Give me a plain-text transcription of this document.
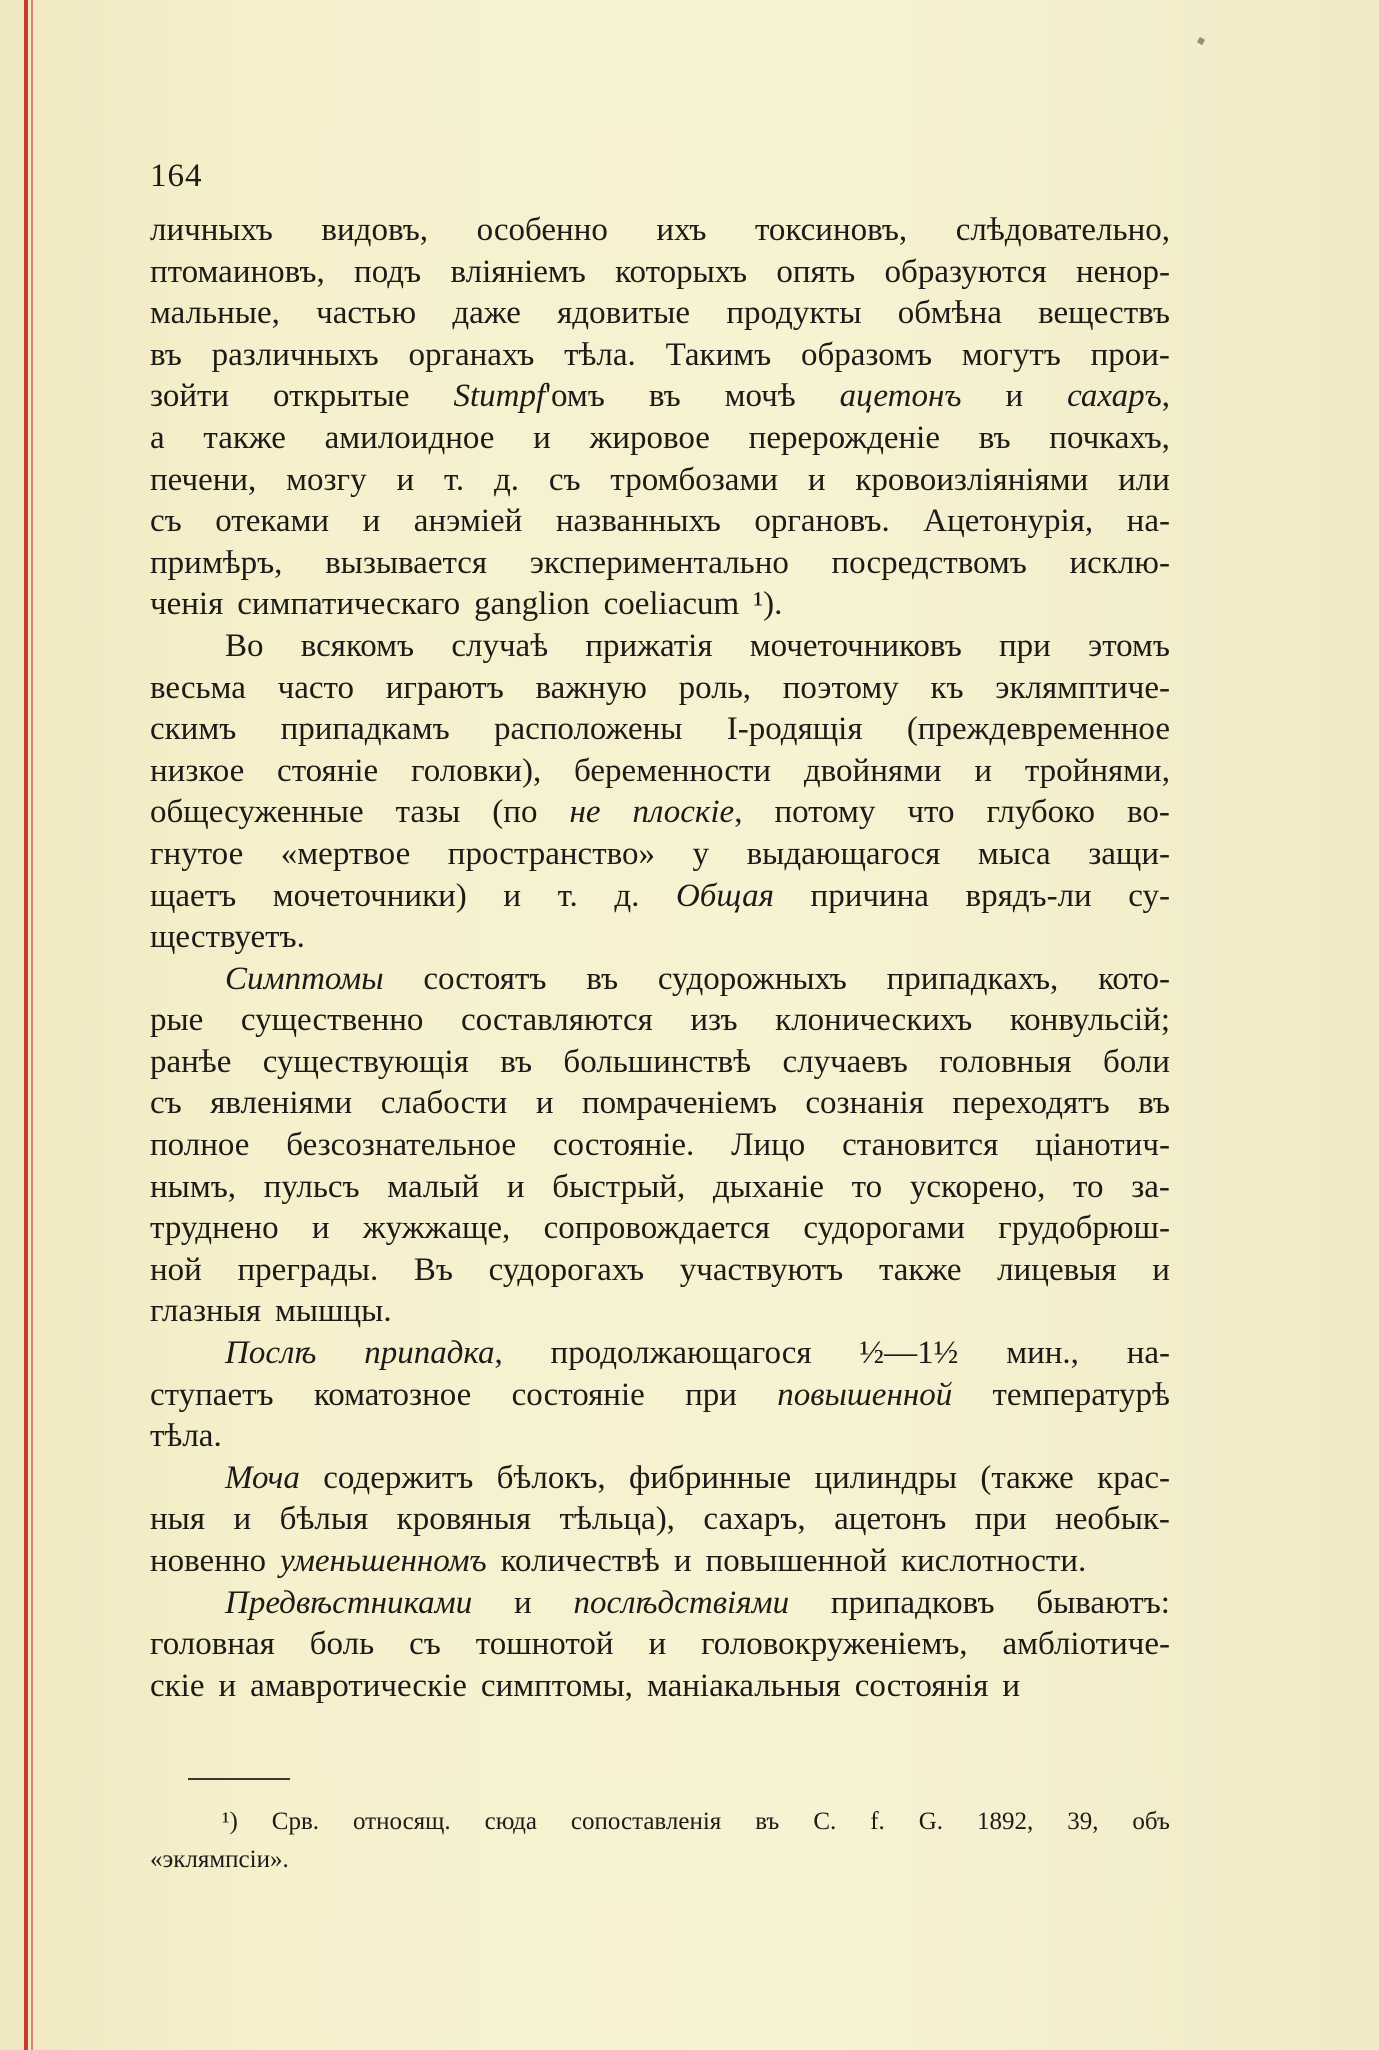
164
личныхъ видовъ, особенно ихъ токсиновъ, слѣдовательно,
птомаиновъ, подъ вліяніемъ которыхъ опять образуются ненор-
мальные, частью даже ядовитые продукты обмѣна веществъ
въ различныхъ органахъ тѣла. Такимъ образомъ могутъ прои-
зойти открытые Stumpf'омъ въ мочѣ ацетонъ и сахаръ,
а также амилоидное и жировое перерожденіе въ почкахъ,
печени, мозгу и т. д. съ тромбозами и кровоизліяніями или
съ отеками и анэміей названныхъ органовъ. Ацетонурія, на-
примѣръ, вызывается экспериментально посредствомъ исклю-
ченія симпатическаго ganglion coeliacum ¹).
Во всякомъ случаѣ прижатія мочеточниковъ при этомъ
весьма часто играютъ важную роль, поэтому къ эклямптиче-
скимъ припадкамъ расположены I-родящія (преждевременное
низкое стояніе головки), беременности двойнями и тройнями,
общесуженные тазы (по не плоскіе, потому что глубоко во-
гнутое «мертвое пространство» у выдающагося мыса защи-
щаетъ мочеточники) и т. д. Общая причина врядъ-ли су-
ществуетъ.
Симптомы состоятъ въ судорожныхъ припадкахъ, кото-
рые существенно составляются изъ клоническихъ конвульсій;
ранѣе существующія въ большинствѣ случаевъ головныя боли
съ явленіями слабости и помраченіемъ сознанія переходятъ въ
полное безсознательное состояніе. Лицо становится ціанотич-
нымъ, пульсъ малый и быстрый, дыханіе то ускорено, то за-
труднено и жужжаще, сопровождается судорогами грудобрюш-
ной преграды. Въ судорогахъ участвуютъ также лицевыя и
глазныя мышцы.
Послѣ припадка, продолжающагося ½—1½ мин., на-
ступаетъ коматозное состояніе при повышенной температурѣ
тѣла.
Моча содержитъ бѣлокъ, фибринные цилиндры (также крас-
ныя и бѣлыя кровяныя тѣльца), сахаръ, ацетонъ при необык-
новенно уменьшенномъ количествѣ и повышенной кислотности.
Предвѣстниками и послѣдствіями припадковъ бываютъ:
головная боль съ тошнотой и головокруженіемъ, амбліотиче-
скіе и амавротическіе симптомы, маніакальныя состоянія и
¹) Срв. относящ. сюда сопоставленія въ С. f. G. 1892, 39, объ
«эклямпсіи».
